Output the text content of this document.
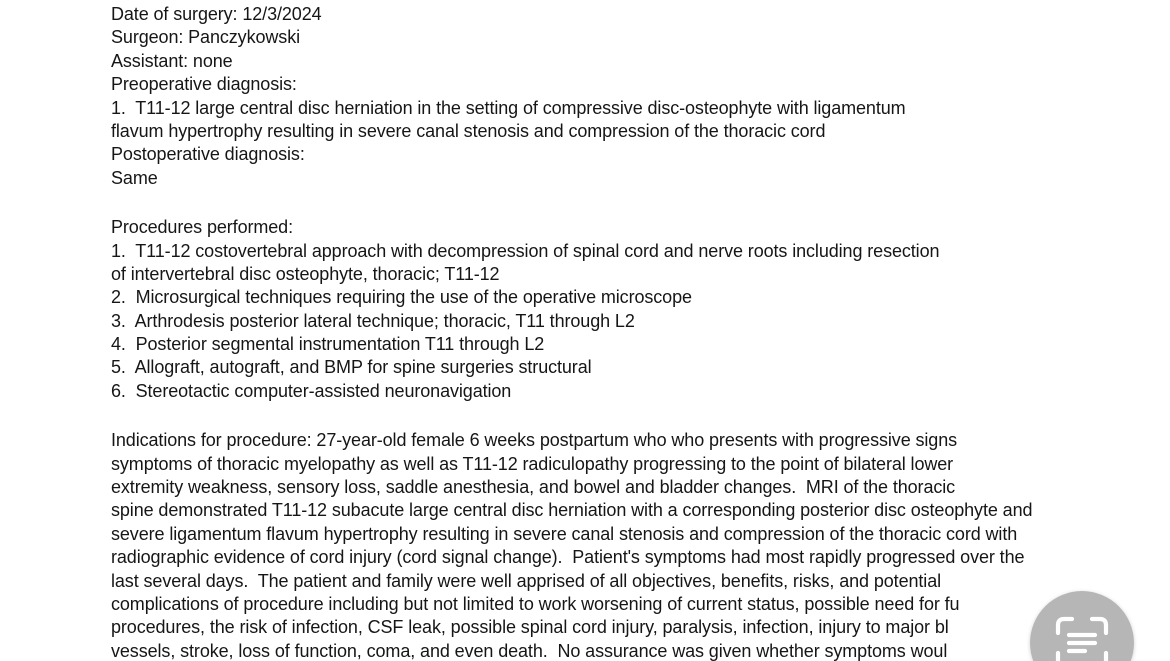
Date of surgery: 12/3/2024
Surgeon: Panczykowski
Assistant: none
Preoperative diagnosis:
1.  T11-12 large central disc herniation in the setting of compressive disc-osteophyte with ligamentum
flavum hypertrophy resulting in severe canal stenosis and compression of the thoracic cord
Postoperative diagnosis:
Same
Procedures performed:
1.  T11-12 costovertebral approach with decompression of spinal cord and nerve roots including resection
of intervertebral disc osteophyte, thoracic; T11-12
2.  Microsurgical techniques requiring the use of the operative microscope
3.  Arthrodesis posterior lateral technique; thoracic, T11 through L2
4.  Posterior segmental instrumentation T11 through L2
5.  Allograft, autograft, and BMP for spine surgeries structural
6.  Stereotactic computer-assisted neuronavigation
Indications for procedure: 27-year-old female 6 weeks postpartum who who presents with progressive signs
symptoms of thoracic myelopathy as well as T11-12 radiculopathy progressing to the point of bilateral lower
extremity weakness, sensory loss, saddle anesthesia, and bowel and bladder changes.  MRI of the thoracic
spine demonstrated T11-12 subacute large central disc herniation with a corresponding posterior disc osteophyte and
severe ligamentum flavum hypertrophy resulting in severe canal stenosis and compression of the thoracic cord with
radiographic evidence of cord injury (cord signal change).  Patient's symptoms had most rapidly progressed over the
last several days.  The patient and family were well apprised of all objectives, benefits, risks, and potential
complications of procedure including but not limited to work worsening of current status, possible need for fu
procedures, the risk of infection, CSF leak, possible spinal cord injury, paralysis, infection, injury to major bl
vessels, stroke, loss of function, coma, and even death.  No assurance was given whether symptoms woul
